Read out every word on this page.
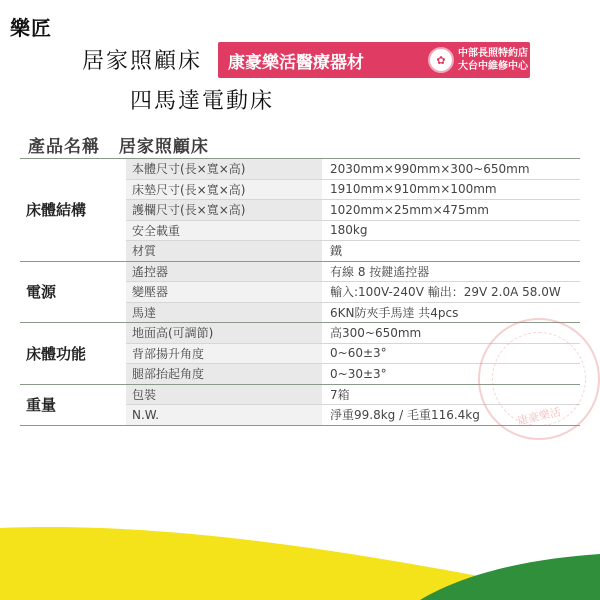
樂匠
居家照顧床
四馬達電動床
康豪樂活醫療器材	✿	中部長照特約店
大台中維修中心
產品名稱 居家照顧床
床體結構
本體尺寸(長×寬×高)	2030mm×990mm×300~650mm
床墊尺寸(長×寬×高)	1910mm×910mm×100mm
護欄尺寸(長×寬×高)	1020mm×25mm×475mm
安全載重	180kg
材質	鐵
電源
遙控器	有線 8 按鍵遙控器
變壓器	輸入:100V-240V 輸出：29V 2.0A 58.0W
馬達	6KN防夾手馬達 共4pcs
床體功能
地面高(可調節)	高300~650mm
背部揚升角度	0~60±3°
腿部抬起角度	0~30±3°
重量
包裝	7箱
N.W.	淨重99.8kg / 毛重116.4kg	康豪樂活
